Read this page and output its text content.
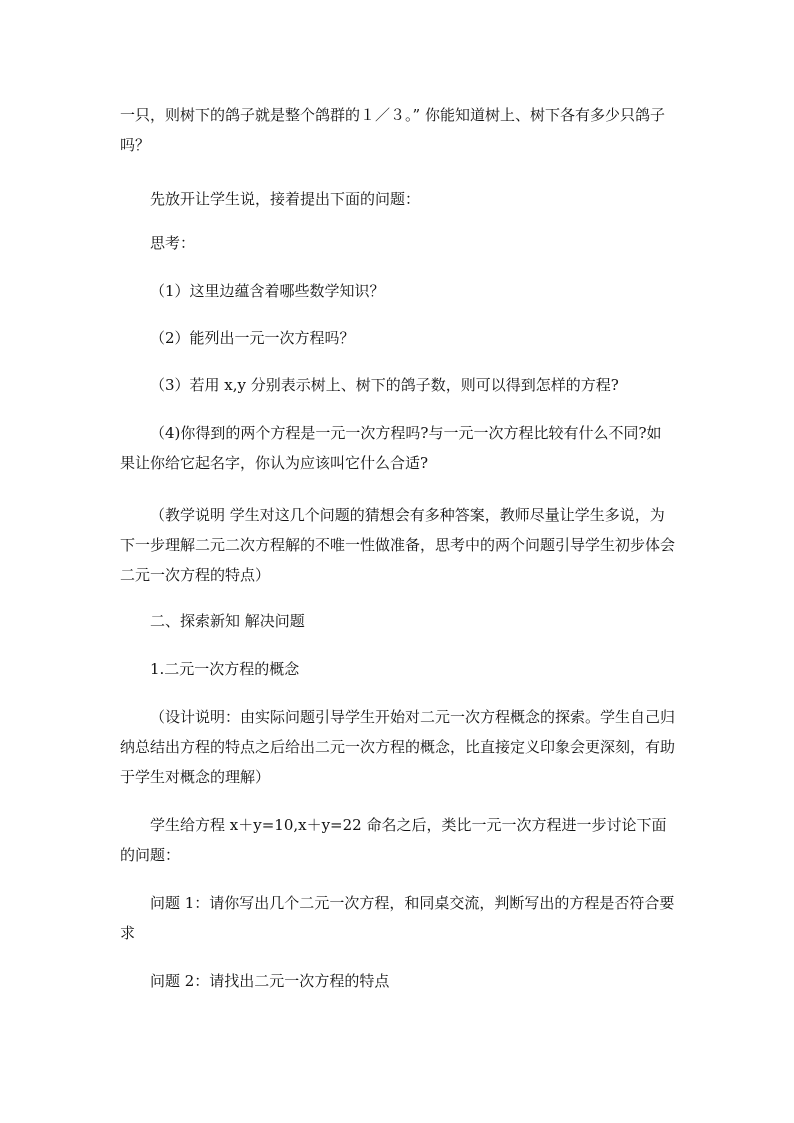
一只，则树下的鸽子就是整个鸽群的１／３。” 你能知道树上、树下各有多少只鸽子吗？

先放开让学生说，接着提出下面的问题：

思考：

（1）这里边蕴含着哪些数学知识？

（2）能列出一元一次方程吗？

（3）若用 x,y 分别表示树上、树下的鸽子数，则可以得到怎样的方程?

（4)你得到的两个方程是一元一次方程吗?与一元一次方程比较有什么不同?如果让你给它起名字，你认为应该叫它什么合适?

（教学说明 学生对这几个问题的猜想会有多种答案，教师尽量让学生多说，为下一步理解二元二次方程解的不唯一性做准备，思考中的两个问题引导学生初步体会二元一次方程的特点）

二、探索新知 解决问题

1.二元一次方程的概念

（设计说明：由实际问题引导学生开始对二元一次方程概念的探索。学生自己归纳总结出方程的特点之后给出二元一次方程的概念，比直接定义印象会更深刻，有助于学生对概念的理解）

学生给方程 x＋y=10,x＋y=22 命名之后，类比一元一次方程进一步讨论下面的问题：

问题 1：请你写出几个二元一次方程，和同桌交流，判断写出的方程是否符合要求

问题 2：请找出二元一次方程的特点
